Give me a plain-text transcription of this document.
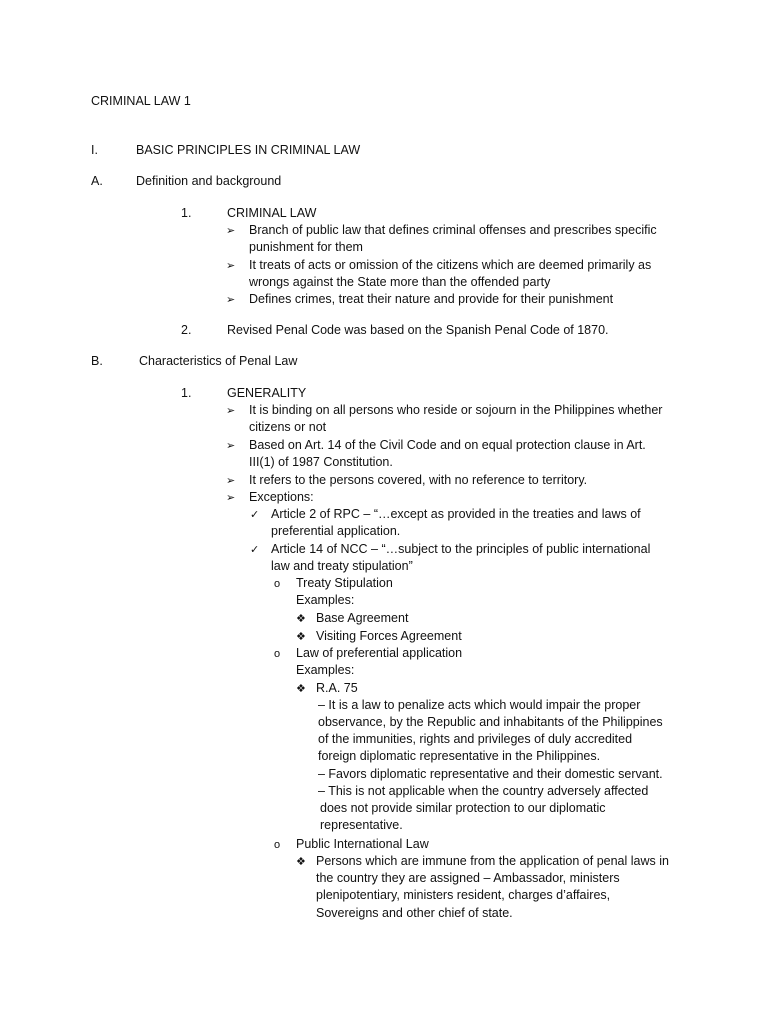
CRIMINAL LAW 1
I.	BASIC PRINCIPLES IN CRIMINAL LAW
A.	Definition and background
1.	CRIMINAL LAW
➢ Branch of public law that defines criminal offenses and prescribes specific
punishment for them
➢ It treats of acts or omission of the citizens which are deemed primarily as
wrongs against the State more than the offended party
➢ Defines crimes, treat their nature and provide for their punishment
2.	Revised Penal Code was based on the Spanish Penal Code of 1870.
B.	Characteristics of Penal Law
1.	GENERALITY
➢ It is binding on all persons who reside or sojourn in the Philippines whether
citizens or not
➢ Based on Art. 14 of the Civil Code and on equal protection clause in Art.
III(1) of 1987 Constitution.
➢ It refers to the persons covered, with no reference to territory.
➢ Exceptions:
✓ Article 2 of RPC – “…except as provided in the treaties and laws of
preferential application.
✓ Article 14 of NCC – “…subject to the principles of public international
law and treaty stipulation”
o Treaty Stipulation
Examples:
❖ Base Agreement
❖ Visiting Forces Agreement
o Law of preferential application
Examples:
❖ R.A. 75
– It is a law to penalize acts which would impair the proper
observance, by the Republic and inhabitants of the Philippines
of the immunities, rights and privileges of duly accredited
foreign diplomatic representative in the Philippines.
– Favors diplomatic representative and their domestic servant.
– This is not applicable when the country adversely affected
does not provide similar protection to our diplomatic
representative.
o Public International Law
❖ Persons which are immune from the application of penal laws in
the country they are assigned – Ambassador, ministers
plenipotentiary, ministers resident, charges d’affaires,
Sovereigns and other chief of state.
